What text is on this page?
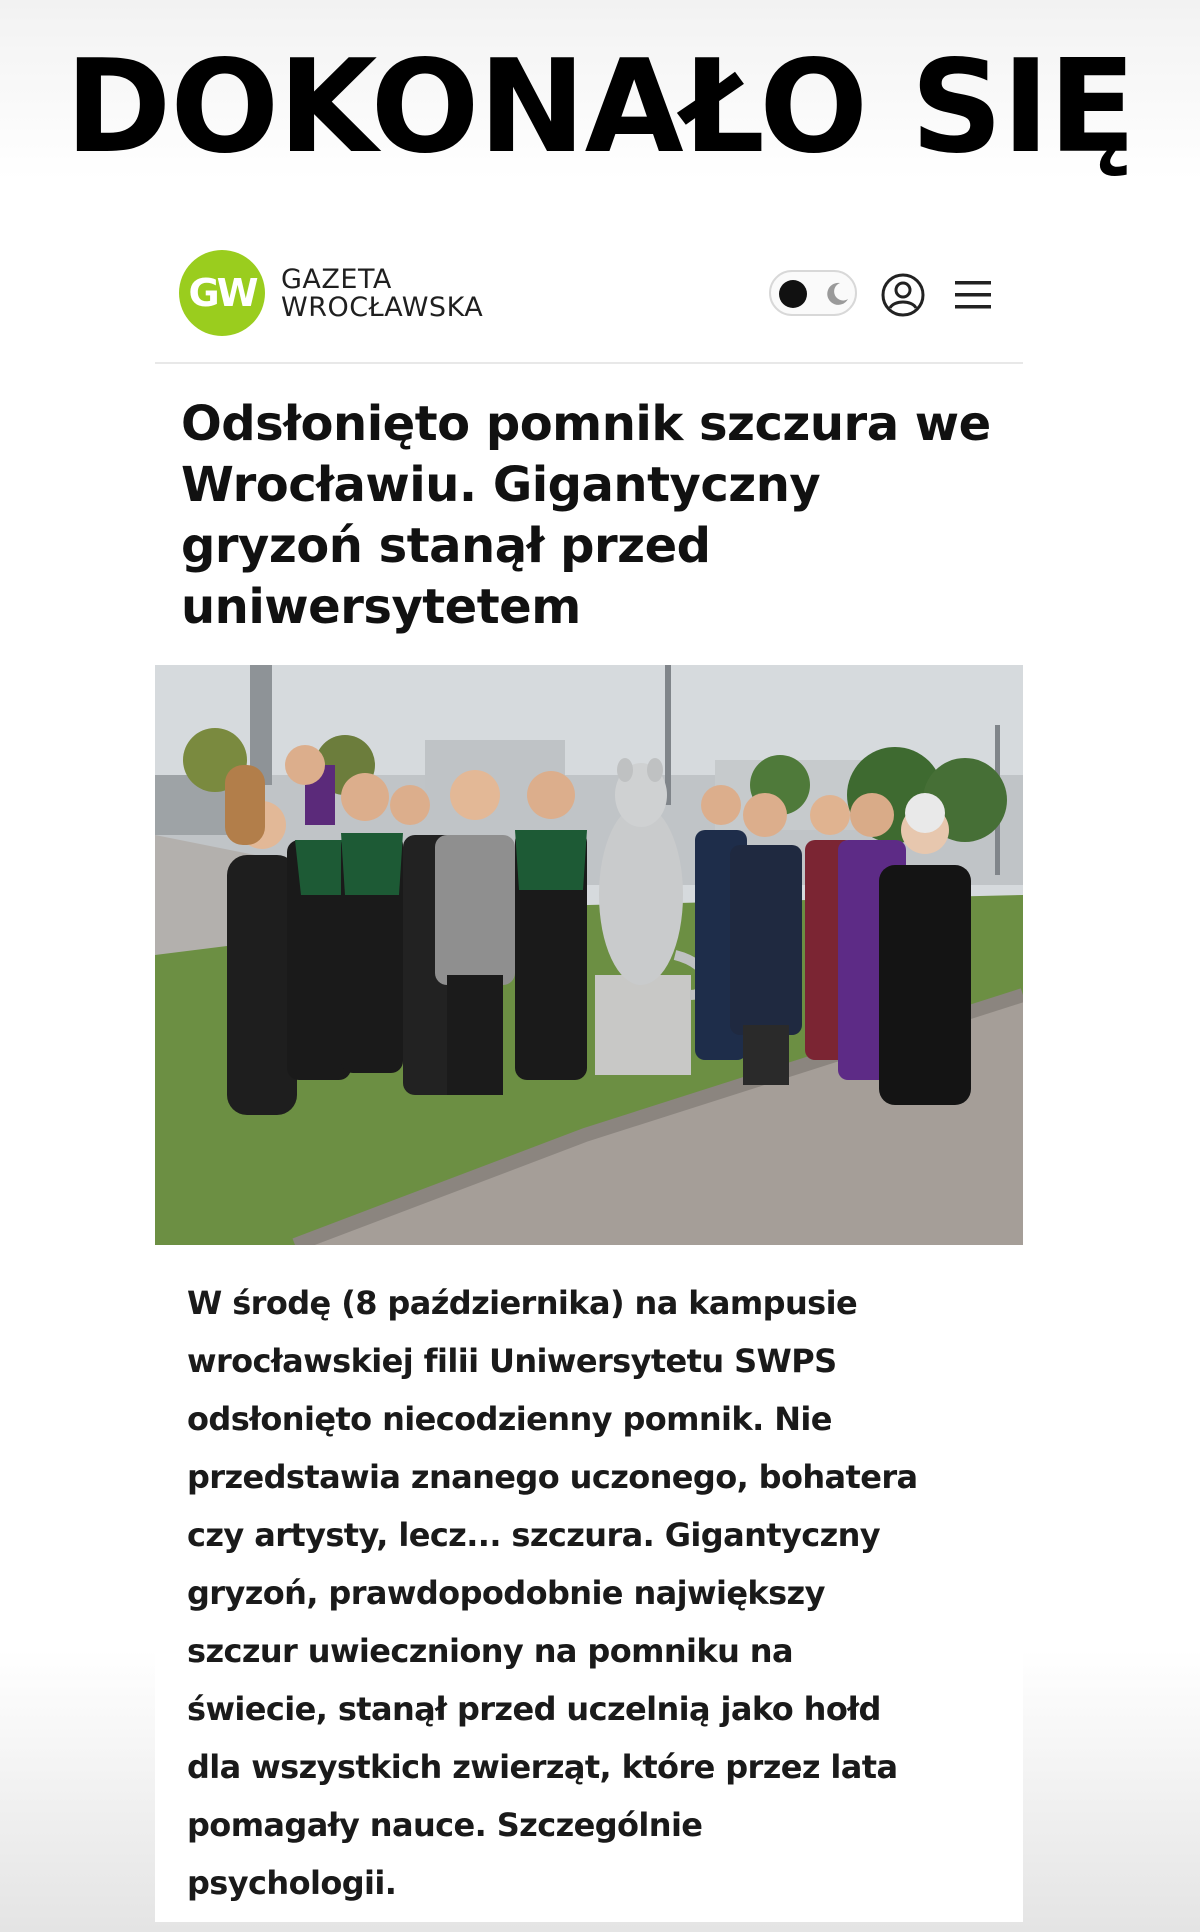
DOKONAŁO SIĘ
GW GAZETA
WROCŁAWSKA
Odsłonięto pomnik szczura we Wrocławiu. Gigantyczny gryzoń stanął przed uniwersytetem
W środę (8 października) na kampusie
wrocławskiej filii Uniwersytetu SWPS
odsłonięto niecodzienny pomnik. Nie
przedstawia znanego uczonego, bohatera
czy artysty, lecz... szczura. Gigantyczny
gryzoń, prawdopodobnie największy
szczur uwieczniony na pomniku na
świecie, stanął przed uczelnią jako hołd
dla wszystkich zwierząt, które przez lata
pomagały nauce. Szczególnie
psychologii.
